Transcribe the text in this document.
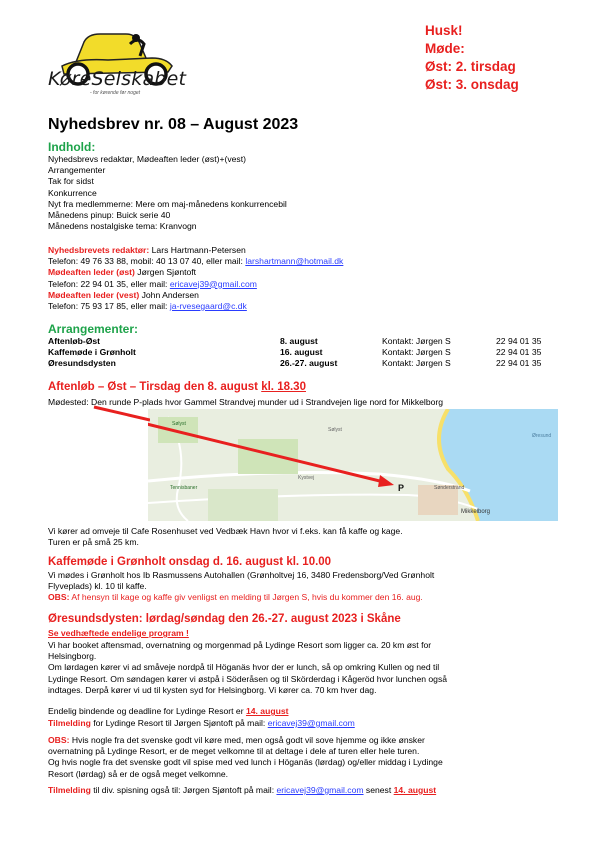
KøreSelskabet
- for kørende før noget
Husk!
Møde:
Øst: 2. tirsdag
Øst: 3. onsdag
Nyhedsbrev nr. 08 – August 2023
Indhold:
Nyhedsbrevs redaktør, Mødeaften leder (øst)+(vest)
Arrangementer
Tak for sidst
Konkurrence
Nyt fra medlemmerne: Mere om maj-månedens konkurrencebil
Månedens pinup: Buick serie 40
Månedens nostalgiske tema: Kranvogn
Nyhedsbrevets redaktør: Lars Hartmann-Petersen
Telefon: 49 76 33 88, mobil: 40 13 07 40, eller mail: larshartmann@hotmail.dk
Mødeaften leder (øst) Jørgen Sjøntoft
Telefon: 22 94 01 35, eller mail: ericavej39@gmail.com
Mødeaften leder (vest) John Andersen
Telefon: 75 93 17 85, eller mail: ja-rvesegaard@c.dk
Arrangementer:
Aftenløb-Øst	8. august	Kontakt: Jørgen S	22 94 01 35
Kaffemøde i Grønholt	16. august	Kontakt: Jørgen S	22 94 01 35
Øresundsdysten	26.-27. august	Kontakt: Jørgen S	22 94 01 35
Aftenløb – Øst – Tirsdag den 8. august kl. 18.30
Mødested: Den runde P-plads hvor Gammel Strandvej munder ud i Strandvejen lige nord for Mikkelborg
Sølyst
Tennisbaner
Sølyst
Sønderstrand
Kystvej
Øresund
Mikkelborg
P
Vi kører ad omveje til Cafe Rosenhuset ved Vedbæk Havn hvor vi f.eks. kan få kaffe og kage.
Turen er på små 25 km.
Kaffemøde i Grønholt onsdag d. 16. august kl. 10.00
Vi mødes i Grønholt hos Ib Rasmussens Autohallen (Grønholtvej 16, 3480 Fredensborg/Ved Grønholt
Flyveplads) kl. 10 til kaffe.
OBS: Af hensyn til kage og kaffe giv venligst en melding til Jørgen S, hvis du kommer den 16. aug.
Øresundsdysten: lørdag/søndag den 26.-27. august 2023 i Skåne
Se vedhæftede endelige program !
Vi har booket aftensmad, overnatning og morgenmad på Lydinge Resort som ligger ca. 20 km øst for
Helsingborg.
Om lørdagen kører vi ad småveje nordpå til Höganäs hvor der er lunch, så op omkring Kullen og ned til
Lydinge Resort. Om søndagen kører vi østpå i Söderåsen og til Skörderdag i Kågeröd hvor lunchen også
indtages. Derpå kører vi ud til kysten syd for Helsingborg. Vi kører ca. 70 km hver dag.
Endelig bindende og deadline for Lydinge Resort er 14. august
Tilmelding for Lydinge Resort til Jørgen Sjøntoft på mail: ericavej39@gmail.com
OBS: Hvis nogle fra det svenske godt vil køre med, men også godt vil sove hjemme og ikke ønsker
overnatning på Lydinge Resort, er de meget velkomne til at deltage i dele af turen eller hele turen.
Og hvis nogle fra det svenske godt vil spise med ved lunch i Höganäs (lørdag) og/eller middag i Lydinge
Resort (lørdag) så er de også meget velkomne.
Tilmelding til div. spisning også til: Jørgen Sjøntoft på mail: ericavej39@gmail.com senest 14. august
